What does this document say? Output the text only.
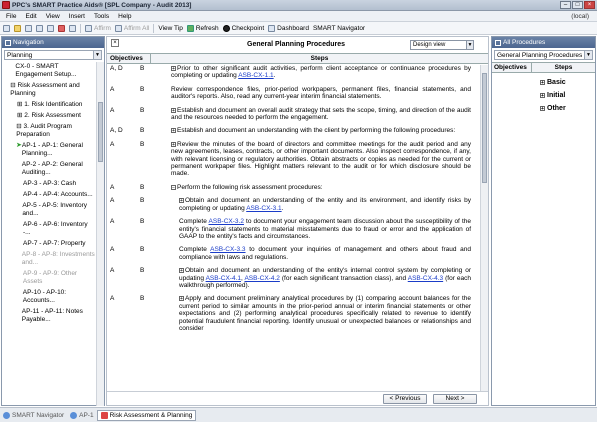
PPC's SMART Practice Aids® [SPL Company - Audit 2013]	–	□	×
File Edit View Insert Tools Help	(local)
Affirm Affirm All View Tip Refresh Checkpoint Dashboard SMART Navigator
Navigation
Planning	▼
CX-0 - SMART Engagement Setup...
⊟ Risk Assessment and Planning
⊞ 1. Risk Identification
⊞ 2. Risk Assessment
⊟ 3. Audit Program Preparation
➤ AP-1 - AP-1: General Planning...
AP-2 - AP-2: General Auditing...
AP-3 - AP-3: Cash
AP-4 - AP-4: Accounts...
AP-5 - AP-5: Inventory and...
AP-6 - AP-6: Inventory -...
AP-7 - AP-7: Property
AP-8 - AP-8: Investments and...
AP-9 - AP-9: Other Assets
AP-10 - AP-10: Accounts...
AP-11 - AP-11: Notes Payable...
×	General Planning Procedures	Design view	▼
Objectives	Steps
A, D	B	+ Prior to other significant audit activities, perform client acceptance or continuance procedures by completing or updating ASB-CX-1.1.
A	B	Review correspondence files, prior-period workpapers, permanent files, financial statements, and auditor's reports. Also, read any current-year interim financial statements.
A	B	+ Establish and document an overall audit strategy that sets the scope, timing, and direction of the audit and the resources needed to perform the engagement.
A, D	B	+ Establish and document an understanding with the client by performing the following procedures:
A	B	+ Review the minutes of the board of directors and committee meetings for the audit period and any new agreements, leases, contracts, or other important documents. Also inspect correspondence, if any, with relevant licensing or regulatory authorities. Obtain abstracts or copies as needed for the current or permanent workpaper files. Highlight matters relevant to the audit or for which disclosure should be made.
A	B	− Perform the following risk assessment procedures:
A	B	+ Obtain and document an understanding of the entity and its environment, and identify risks by completing or updating ASB-CX-3.1.
A	B	Complete ASB-CX-3.2 to document your engagement team discussion about the susceptibility of the entity's financial statements to material misstatements due to fraud or error and the application of GAAP to the entity's facts and circumstances.
A	B	Complete ASB-CX-3.3 to document your inquiries of management and others about fraud and compliance with laws and regulations.
A	B	+ Obtain and document an understanding of the entity's internal control system by completing or updating ASB-CX-4.1, ASB-CX-4.2 (for each significant transaction class), and ASB-CX-4.3 (for each walkthrough performed).
A	B	+ Apply and document preliminary analytical procedures by (1) comparing account balances for the current period to similar amounts in the prior-period annual or interim financial statements or other expectations and (2) performing analytical procedures specifically related to revenue to identify potential fraudulent financial reporting. Identify unusual or unexpected balances or relationships and consider
< Previous	Next >
All Procedures
General Planning Procedures ▼
Objectives	Steps
+ Basic
+ Initial
+ Other
SMART Navigator AP-1 Risk Assessment & Planning
